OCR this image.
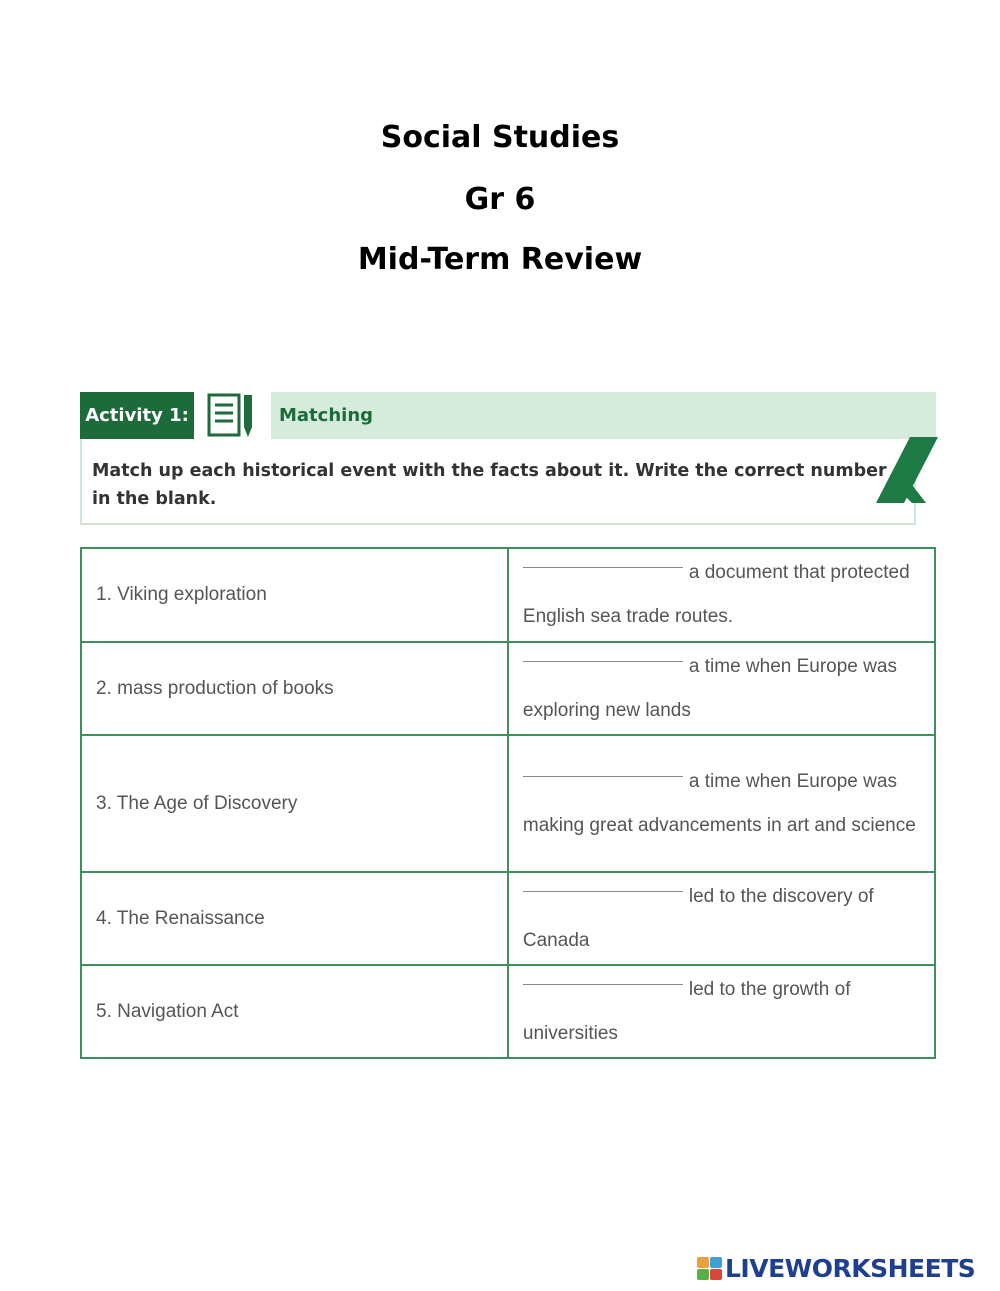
Social Studies
Gr 6
Mid-Term Review
Activity 1:	Matching
Match up each historical event with the facts about it. Write the correct number in the blank.
1. Viking exploration	a document that protected English sea trade routes.
2. mass production of books	a time when Europe was exploring new lands
3. The Age of Discovery	a time when Europe was making great advancements in art and science
4. The Renaissance	led to the discovery of Canada
5. Navigation Act	led to the growth of universities
LIVEWORKSHEETS
